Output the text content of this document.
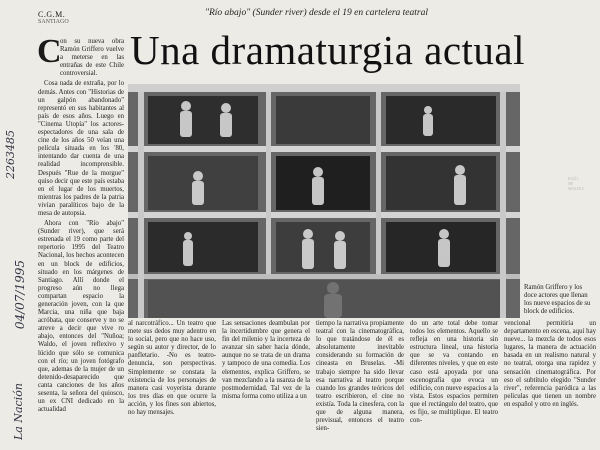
C.G.M.
SANTIAGO
"Río abajo" (Sunder river) desde el 19 en cartelera teatral
Una dramaturgia actual
C

on su nueva obra Ramón Griffero vuelve a meterse en las entrañas de este Chile controversial.

Cosa nada de extraña, por lo demás. Antes con "Historias de un galpón abandonado" representó en sus habitantes al país de esos años. Luego en "Cinema Utopía" los actores-espectadores de una sala de cine de los años 50 veían una película situada en los '80, intentando dar cuenta de una realidad incomprensible. Después "Rue de la morgue" quiso decir que este país estaba en el lugar de los muertos, mientras los padres de la patria vivían paralíticos bajo de la mesa de autopsia.

Ahora con "Río abajo" (Sunder river), que será estrenada el 19 como parte del repertorio 1995 del Teatro Nacional, los hechos acontecen en un block de edificios, situado en los márgenes de Santiago. Allí donde el progreso aún no llega compartan espacio la generación joven, con la que Marcia, una niña que baja acróbata, que conserve y no se atreve a decir que vive ro abajo, entonces del "Nuñoa; Waldo, el joven reflexivo y lúcido que sólo se comunica con el río; un joven fotógrafo que, ademas de la mujer de un detenido-desaparecido que canta canciones de los años sesenta, la señora del quiosco, un ex CNI dedicado en la actualidad

RAÚL HE MOLINA
Ramón Griffero y los doce actores que llenan los nueve espacios de su block de edificios.
al narcotráfico... Un teatro que mete sus dedos muy adentro en lo social, pero que no hace uso, según su autor y director, de lo panfletario. -No es teatro-denuncia, son perspectivas. Simplemente se constata la existencia de los personajes de manera casi voyerista durante los tres días en que ocurre la acción, y los fines son abiertos, no hay mensajes.
Las sensaciones deambulan por la incertidumbre que genera el fin del milenio y la incerteza de avanzar sin saber hacia dónde, aunque no se trata de un drama y tampoco de una comedia. Los elementos, explica Griffero, se van mezclando a la usanza de la postmodernidad. Tal vez de la misma forma como utiliza a un
tiempo la narrativa propiamente teatral con la cinematográfica, lo que tratándose de él es absolutamente inevitable considerando su formación de cineasta en Bruselas. -Mi trabajo siempre ha sido llevar esa narrativa al teatro porque cuando los grandes teóricos del teatro escribieron, el cine no existía. Toda la cinesfera, con la que de alguna manera, previsual, entonces el teatro sien-
do un arte total debe tomar todos los elementos. Aquello se refleja en una historia sin estructura lineal, una historia que se va contando en diferentes niveles, y que en este caso está apoyada por una escenografía que evoca un edificio, con nueve espacios a la vista. Estos espacios permiten que el rectángulo del teatro, que es fijo, se multiplique. El teatro con-
vencional permitiría un departamento en escena, aquí hay nueve... la mezcla de todos esos lugares, la manera de actuación basada en un realismo natural y no teatral, otorga una rapidez y sensación cinematográfica. Por eso el subtítulo elegido "Sunder river", referencia paródica a las películas que tienen un nombre en español y otro en inglés.
2263485
04/07/1995
La Nación
